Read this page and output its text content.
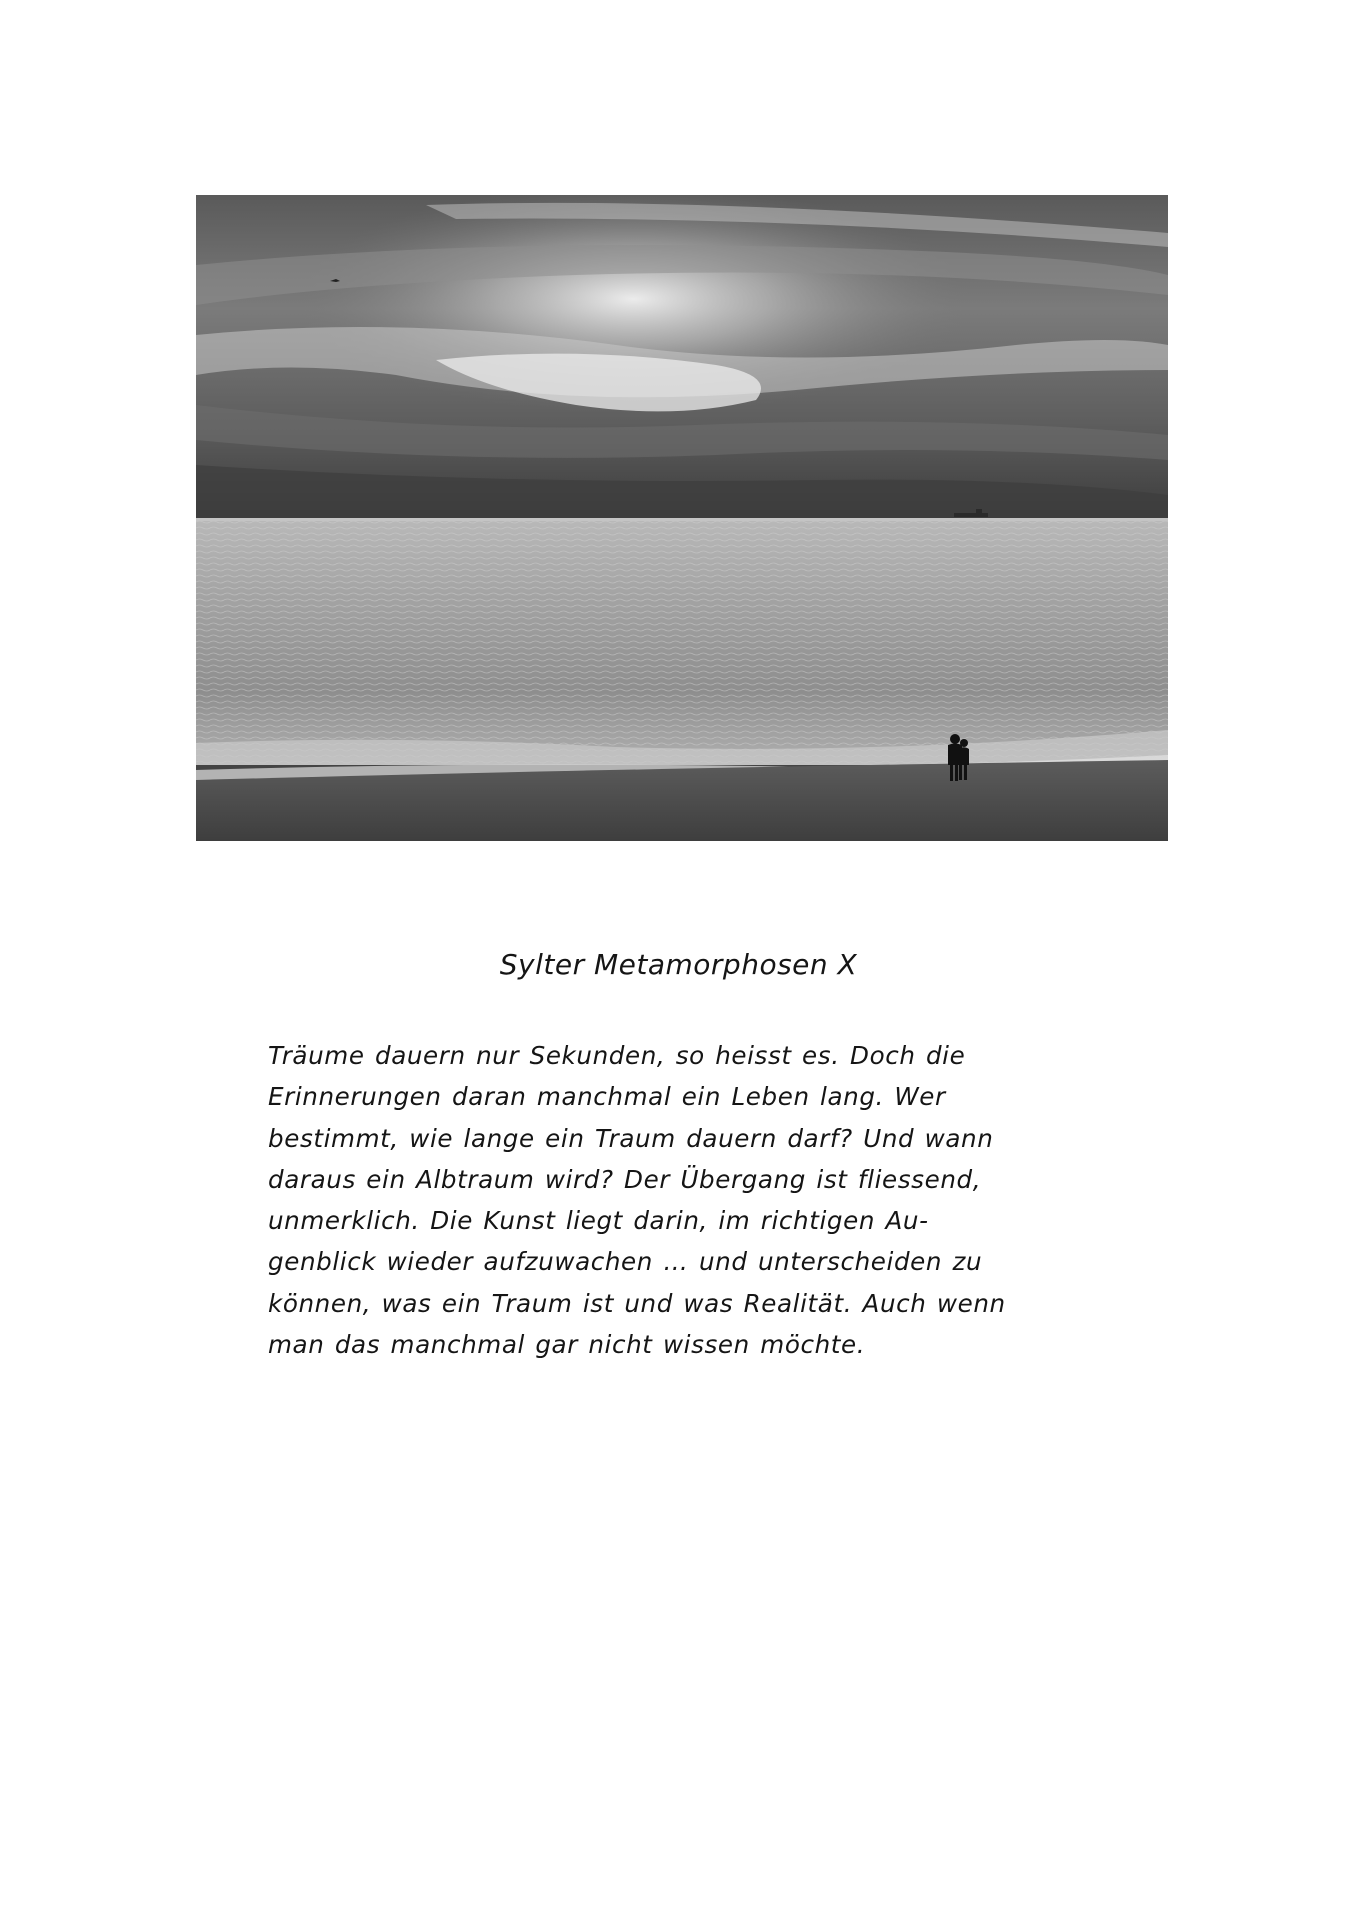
Sylter Metamorphosen X
Träume dauern nur Sekunden, so heisst es. Doch die
Erinnerungen daran manchmal ein Leben lang. Wer
bestimmt, wie lange ein Traum dauern darf? Und wann
daraus ein Albtraum wird? Der Übergang ist fliessend,
unmerklich. Die Kunst liegt darin, im richtigen Au-
genblick wieder aufzuwachen … und unterscheiden zu
können, was ein Traum ist und was Realität. Auch wenn
man das manchmal gar nicht wissen möchte.
